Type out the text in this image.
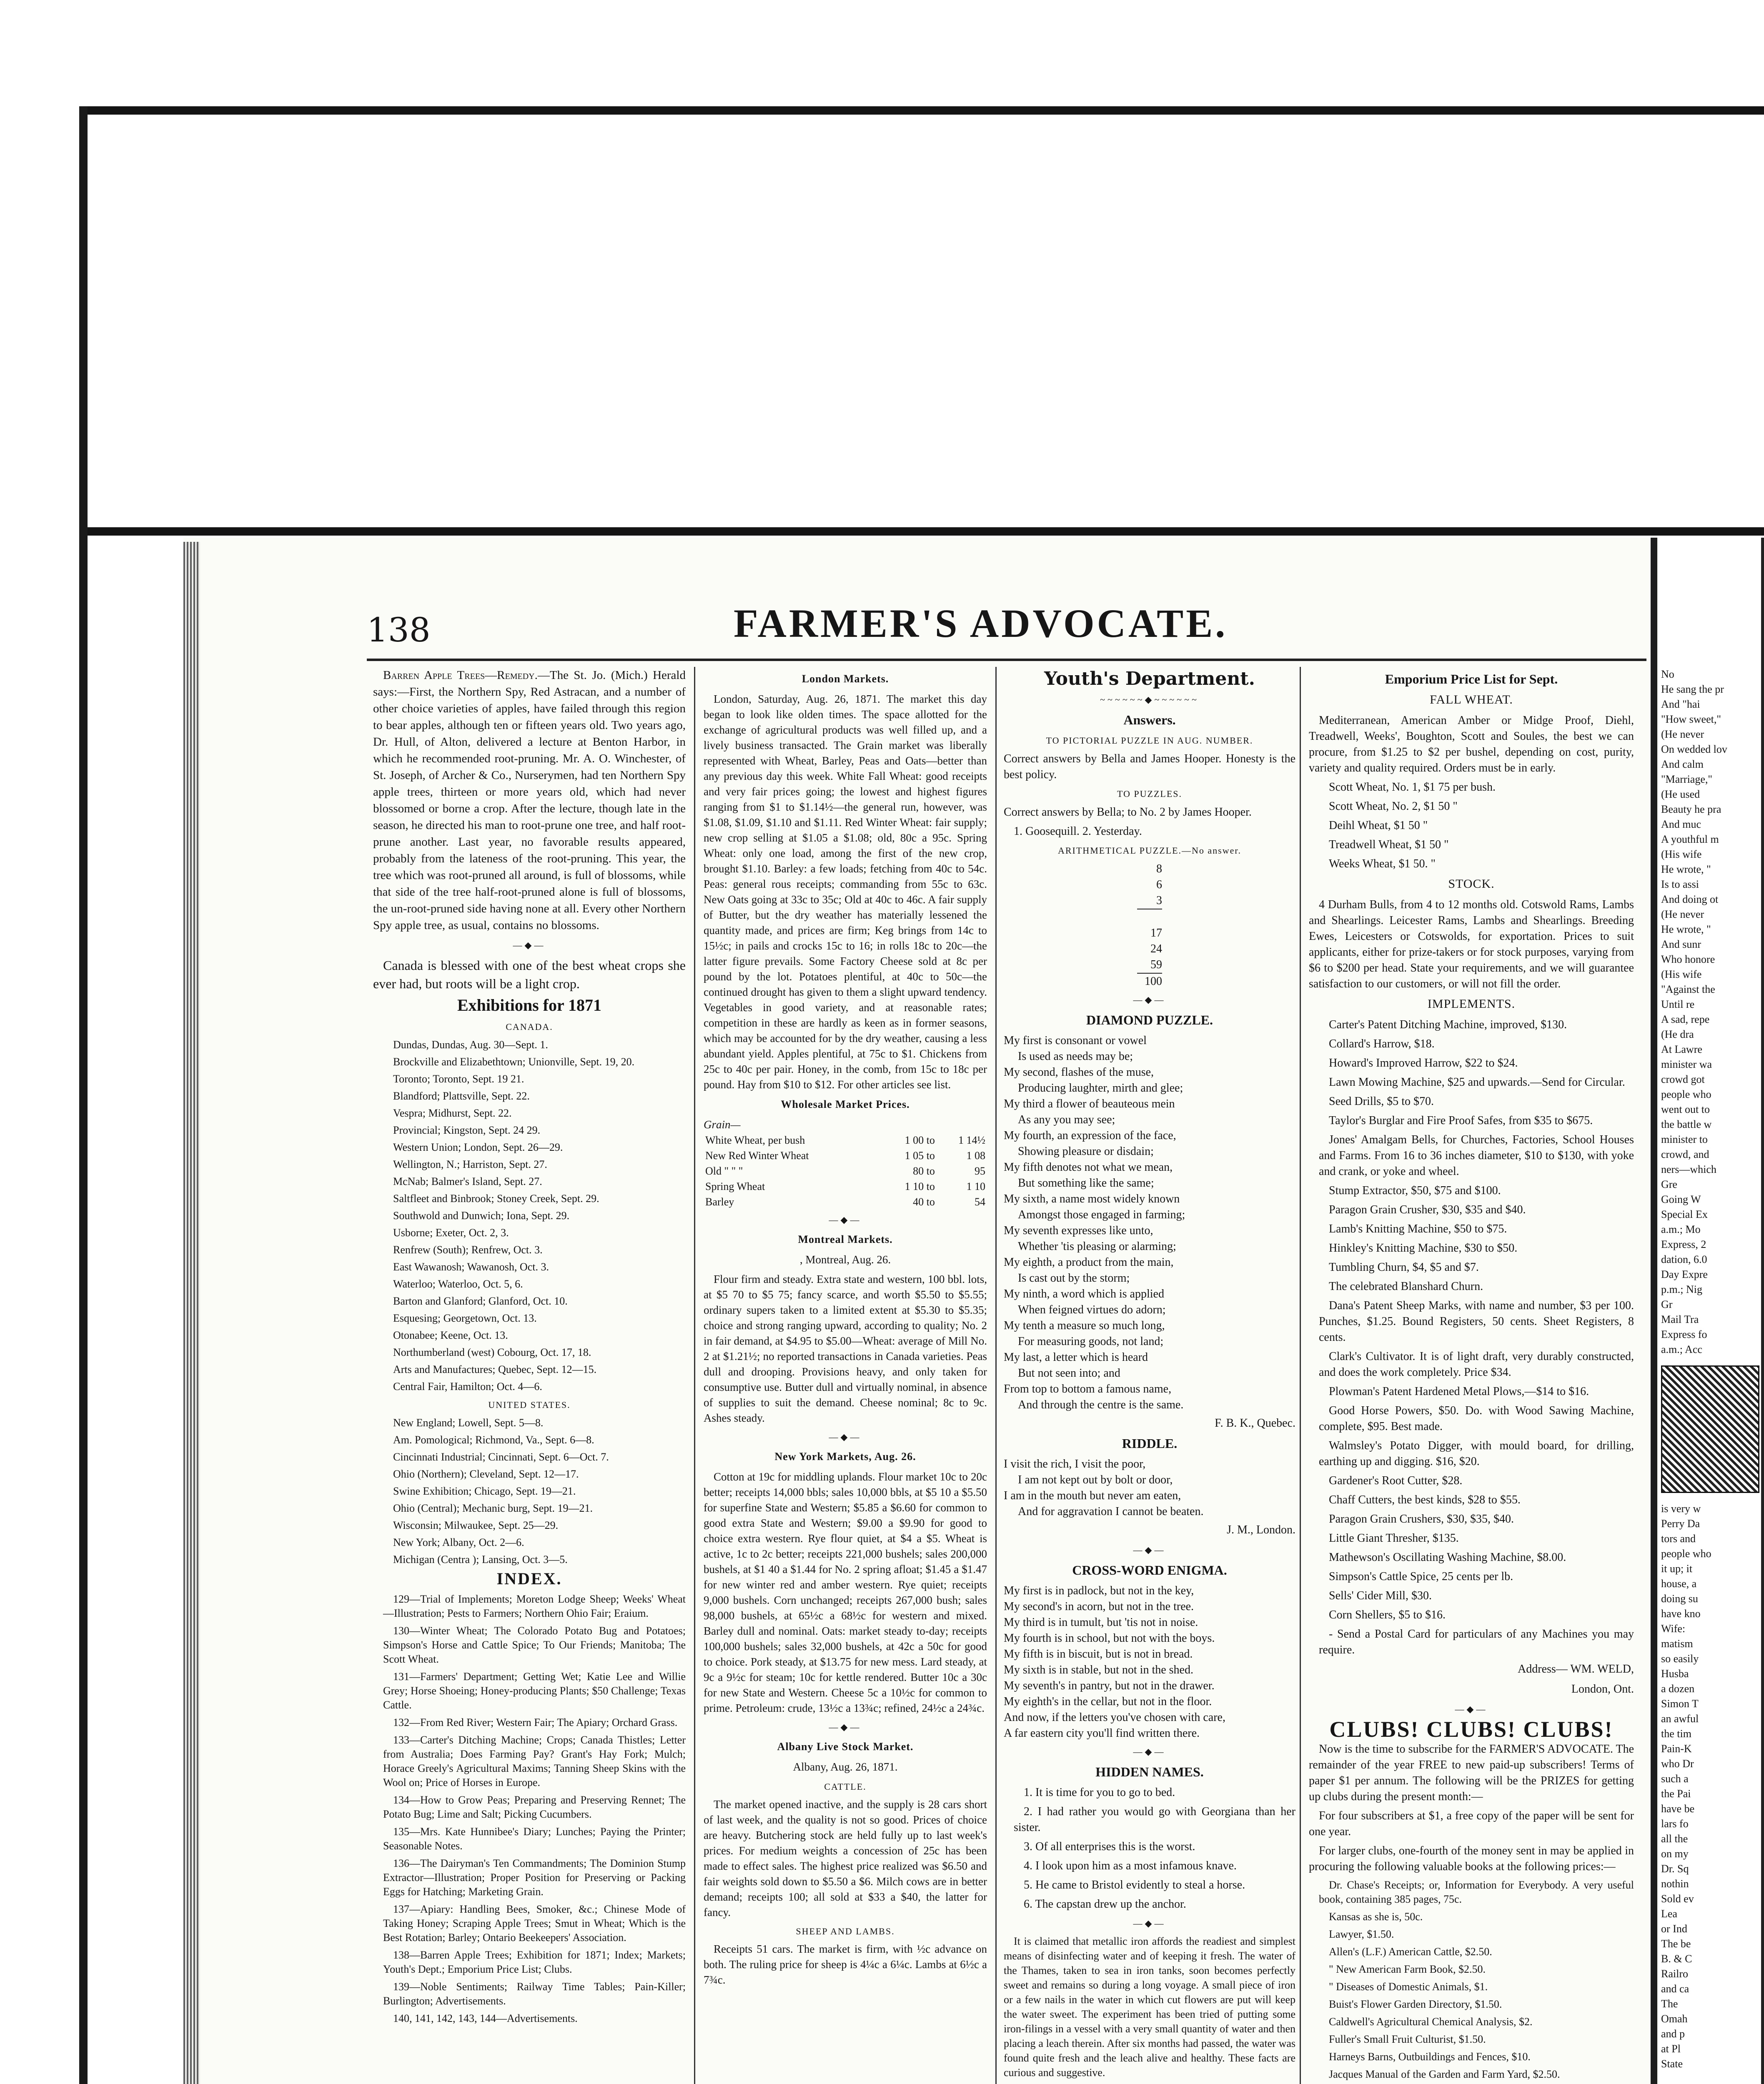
138	FARMER'S ADVOCATE.

Barren Apple Trees—Remedy.—The St. Jo. (Mich.) Herald says:—First, the Northern Spy, Red Astracan, and a number of other choice varieties of apples, have failed through this region to bear apples, although ten or fifteen years old. Two years ago, Dr. Hull, of Alton, delivered a lecture at Benton Harbor, in which he recommended root-pruning. Mr. A. O. Winchester, of St. Joseph, of Archer & Co., Nurserymen, had ten Northern Spy apple trees, thirteen or more years old, which had never blossomed or borne a crop. After the lecture, though late in the season, he directed his man to root-prune one tree, and half root-prune another. Last year, no favorable results appeared, probably from the lateness of the root-pruning. This year, the tree which was root-pruned all around, is full of blossoms, while that side of the tree half-root-pruned alone is full of blossoms, the un-root-pruned side having none at all. Every other Northern Spy apple tree, as usual, contains no blossoms.

—◆—

Canada is blessed with one of the best wheat crops she ever had, but roots will be a light crop.

Exhibitions for 1871
CANADA.

Dundas, Dundas, Aug. 30—Sept. 1.

Brockville and Elizabethtown; Unionville, Sept. 19, 20.

Toronto; Toronto, Sept. 19 21.

Blandford; Plattsville, Sept. 22.

Vespra; Midhurst, Sept. 22.

Provincial; Kingston, Sept. 24 29.

Western Union; London, Sept. 26—29.

Wellington, N.; Harriston, Sept. 27.

McNab; Balmer's Island, Sept. 27.

Saltfleet and Binbrook; Stoney Creek, Sept. 29.

Southwold and Dunwich; Iona, Sept. 29.

Usborne; Exeter, Oct. 2, 3.

Renfrew (South); Renfrew, Oct. 3.

East Wawanosh; Wawanosh, Oct. 3.

Waterloo; Waterloo, Oct. 5, 6.

Barton and Glanford; Glanford, Oct. 10.

Esquesing; Georgetown, Oct. 13.

Otonabee; Keene, Oct. 13.

Northumberland (west) Cobourg, Oct. 17, 18.

Arts and Manufactures; Quebec, Sept. 12—15.

Central Fair, Hamilton; Oct. 4—6.

UNITED STATES.

New England; Lowell, Sept. 5—8.

Am. Pomological; Richmond, Va., Sept. 6—8.

Cincinnati Industrial; Cincinnati, Sept. 6—Oct. 7.

Ohio (Northern); Cleveland, Sept. 12—17.

Swine Exhibition; Chicago, Sept. 19—21.

Ohio (Central); Mechanic burg, Sept. 19—21.

Wisconsin; Milwaukee, Sept. 25—29.

New York; Albany, Oct. 2—6.

Michigan (Centra ); Lansing, Oct. 3—5.

INDEX.

129—Trial of Implements; Moreton Lodge Sheep; Weeks' Wheat—Illustration; Pests to Farmers; Northern Ohio Fair; Eraium.

130—Winter Wheat; The Colorado Potato Bug and Potatoes; Simpson's Horse and Cattle Spice; To Our Friends; Manitoba; The Scott Wheat.

131—Farmers' Department; Getting Wet; Katie Lee and Willie Grey; Horse Shoeing; Honey-producing Plants; $50 Challenge; Texas Cattle.

132—From Red River; Western Fair; The Apiary; Orchard Grass.

133—Carter's Ditching Machine; Crops; Canada Thistles; Letter from Australia; Does Farming Pay? Grant's Hay Fork; Mulch; Horace Greely's Agricultural Maxims; Tanning Sheep Skins with the Wool on; Price of Horses in Europe.

134—How to Grow Peas; Preparing and Preserving Rennet; The Potato Bug; Lime and Salt; Picking Cucumbers.

135—Mrs. Kate Hunnibee's Diary; Lunches; Paying the Printer; Seasonable Notes.

136—The Dairyman's Ten Commandments; The Dominion Stump Extractor—Illustration; Proper Position for Preserving or Packing Eggs for Hatching; Marketing Grain.

137—Apiary: Handling Bees, Smoker, &c.; Chinese Mode of Taking Honey; Scraping Apple Trees; Smut in Wheat; Which is the Best Rotation; Barley; Ontario Beekeepers' Association.

138—Barren Apple Trees; Exhibition for 1871; Index; Markets; Youth's Dept.; Emporium Price List; Clubs.

139—Noble Sentiments; Railway Time Tables; Pain-Killer; Burlington; Advertisements.

140, 141, 142, 143, 144—Advertisements.

London Markets.

London, Saturday, Aug. 26, 1871. The market this day began to look like olden times. The space allotted for the exchange of agricultural products was well filled up, and a lively business transacted. The Grain market was liberally represented with Wheat, Barley, Peas and Oats—better than any previous day this week. White Fall Wheat: good receipts and very fair prices going; the lowest and highest figures ranging from $1 to $1.14½—the general run, however, was $1.08, $1.09, $1.10 and $1.11. Red Winter Wheat: fair supply; new crop selling at $1.05 a $1.08; old, 80c a 95c. Spring Wheat: only one load, among the first of the new crop, brought $1.10. Barley: a few loads; fetching from 40c to 54c. Peas: general rous receipts; commanding from 55c to 63c. New Oats going at 33c to 35c; Old at 40c to 46c. A fair supply of Butter, but the dry weather has materially lessened the quantity made, and prices are firm; Keg brings from 14c to 15½c; in pails and crocks 15c to 16; in rolls 18c to 20c—the latter figure prevails. Some Factory Cheese sold at 8c per pound by the lot. Potatoes plentiful, at 40c to 50c—the continued drought has given to them a slight upward tendency. Vegetables in good variety, and at reasonable rates; competition in these are hardly as keen as in former seasons, which may be accounted for by the dry weather, causing a less abundant yield. Apples plentiful, at 75c to $1. Chickens from 25c to 40c per pair. Honey, in the comb, from 15c to 18c per pound. Hay from $10 to $12. For other articles see list.

Wholesale Market Prices.
Grain—
White Wheat, per bush	1 00 to	1 14½
New Red Winter Wheat	1 05 to	1 08
Old " " "	80 to	95
Spring Wheat	1 10 to	1 10
Barley	40 to	54
—◆—
Montreal Markets.
, Montreal, Aug. 26.

Flour firm and steady. Extra state and western, 100 bbl. lots, at $5 70 to $5 75; fancy scarce, and worth $5.50 to $5.55; ordinary supers taken to a limited extent at $5.30 to $5.35; choice and strong ranging upward, according to quality; No. 2 in fair demand, at $4.95 to $5.00—Wheat: average of Mill No. 2 at $1.21½; no reported transactions in Canada varieties. Peas dull and drooping. Provisions heavy, and only taken for consumptive use. Butter dull and virtually nominal, in absence of supplies to suit the demand. Cheese nominal; 8c to 9c. Ashes steady.

—◆—
New York Markets, Aug. 26.

Cotton at 19c for middling uplands. Flour market 10c to 20c better; receipts 14,000 bbls; sales 10,000 bbls, at $5 10 a $5.50 for superfine State and Western; $5.85 a $6.60 for common to good extra State and Western; $9.00 a $9.90 for good to choice extra western. Rye flour quiet, at $4 a $5. Wheat is active, 1c to 2c better; receipts 221,000 bushels; sales 200,000 bushels, at $1 40 a $1.44 for No. 2 spring afloat; $1.45 a $1.47 for new winter red and amber western. Rye quiet; receipts 9,000 bushels. Corn unchanged; receipts 267,000 bush; sales 98,000 bushels, at 65½c a 68½c for western and mixed. Barley dull and nominal. Oats: market steady to-day; receipts 100,000 bushels; sales 32,000 bushels, at 42c a 50c for good to choice. Pork steady, at $13.75 for new mess. Lard steady, at 9c a 9½c for steam; 10c for kettle rendered. Butter 10c a 30c for new State and Western. Cheese 5c a 10½c for common to prime. Petroleum: crude, 13½c a 13¾c; refined, 24½c a 24¾c.

—◆—
Albany Live Stock Market.
Albany, Aug. 26, 1871.
CATTLE.

The market opened inactive, and the supply is 28 cars short of last week, and the quality is not so good. Prices of choice are heavy. Butchering stock are held fully up to last week's prices. For medium weights a concession of 25c has been made to effect sales. The highest price realized was $6.50 and fair weights sold down to $5.50 a $6. Milch cows are in better demand; receipts 100; all sold at $33 a $40, the latter for fancy.

SHEEP AND LAMBS.

Receipts 51 cars. The market is firm, with ½c advance on both. The ruling price for sheep is 4¼c a 6¼c. Lambs at 6½c a 7¾c.

Youth's Department.
~~~~~~◆~~~~~~
Answers.
TO PICTORIAL PUZZLE IN AUG. NUMBER.

Correct answers by Bella and James Hooper. Honesty is the best policy.

TO PUZZLES.

Correct answers by Bella; to No. 2 by James Hooper.

1. Goosequill. 2. Yesterday.

ARITHMETICAL PUZZLE.—No answer.

8

6

3

17

24

59

100

—◆—
DIAMOND PUZZLE.

My first is consonant or vowel

Is used as needs may be;

My second, flashes of the muse,

Producing laughter, mirth and glee;

My third a flower of beauteous mein

As any you may see;

My fourth, an expression of the face,

Showing pleasure or disdain;

My fifth denotes not what we mean,

But something like the same;

My sixth, a name most widely known

Amongst those engaged in farming;

My seventh expresses like unto,

Whether 'tis pleasing or alarming;

My eighth, a product from the main,

Is cast out by the storm;

My ninth, a word which is applied

When feigned virtues do adorn;

My tenth a measure so much long,

For measuring goods, not land;

My last, a letter which is heard

But not seen into; and

From top to bottom a famous name,

And through the centre is the same.

F. B. K., Quebec.
RIDDLE.

I visit the rich, I visit the poor,

I am not kept out by bolt or door,

I am in the mouth but never am eaten,

And for aggravation I cannot be beaten.

J. M., London.
—◆—
CROSS-WORD ENIGMA.

My first is in padlock, but not in the key,

My second's in acorn, but not in the tree.

My third is in tumult, but 'tis not in noise.

My fourth is in school, but not with the boys.

My fifth is in biscuit, but is not in bread.

My sixth is in stable, but not in the shed.

My seventh's in pantry, but not in the drawer.

My eighth's in the cellar, but not in the floor.

And now, if the letters you've chosen with care,

A far eastern city you'll find written there.

—◆—
HIDDEN NAMES.

1. It is time for you to go to bed.

2. I had rather you would go with Georgiana than her sister.

3. Of all enterprises this is the worst.

4. I look upon him as a most infamous knave.

5. He came to Bristol evidently to steal a horse.

6. The capstan drew up the anchor.

—◆—

It is claimed that metallic iron affords the readiest and simplest means of disinfecting water and of keeping it fresh. The water of the Thames, taken to sea in iron tanks, soon becomes perfectly sweet and remains so during a long voyage. A small piece of iron or a few nails in the water in which cut flowers are put will keep the water sweet. The experiment has been tried of putting some iron-filings in a vessel with a very small quantity of water and then placing a leach therein. After six months had passed, the water was found quite fresh and the leach alive and healthy. These facts are curious and suggestive.

Emporium Price List for Sept.
FALL WHEAT.

Mediterranean, American Amber or Midge Proof, Diehl, Treadwell, Weeks', Boughton, Scott and Soules, the best we can procure, from $1.25 to $2 per bushel, depending on cost, purity, variety and quality required. Orders must be in early.

Scott Wheat, No. 1, $1 75 per bush.

Scott Wheat, No. 2, $1 50 "

Deihl Wheat, $1 50 "

Treadwell Wheat, $1 50 "

Weeks Wheat, $1 50. "

STOCK.

4 Durham Bulls, from 4 to 12 months old. Cotswold Rams, Lambs and Shearlings. Leicester Rams, Lambs and Shearlings. Breeding Ewes, Leicesters or Cotswolds, for exportation. Prices to suit applicants, either for prize-takers or for stock purposes, varying from $6 to $200 per head. State your requirements, and we will guarantee satisfaction to our customers, or will not fill the order.

IMPLEMENTS.

Carter's Patent Ditching Machine, improved, $130.

Collard's Harrow, $18.

Howard's Improved Harrow, $22 to $24.

Lawn Mowing Machine, $25 and upwards.—Send for Circular.

Seed Drills, $5 to $70.

Taylor's Burglar and Fire Proof Safes, from $35 to $675.

Jones' Amalgam Bells, for Churches, Factories, School Houses and Farms. From 16 to 36 inches diameter, $10 to $130, with yoke and crank, or yoke and wheel.

Stump Extractor, $50, $75 and $100.

Paragon Grain Crusher, $30, $35 and $40.

Lamb's Knitting Machine, $50 to $75.

Hinkley's Knitting Machine, $30 to $50.

Tumbling Churn, $4, $5 and $7.

The celebrated Blanshard Churn.

Dana's Patent Sheep Marks, with name and number, $3 per 100. Punches, $1.25. Bound Registers, 50 cents. Sheet Registers, 8 cents.

Clark's Cultivator. It is of light draft, very durably constructed, and does the work completely. Price $34.

Plowman's Patent Hardened Metal Plows,—$14 to $16.

Good Horse Powers, $50. Do. with Wood Sawing Machine, complete, $95. Best made.

Walmsley's Potato Digger, with mould board, for drilling, earthing up and digging. $16, $20.

Gardener's Root Cutter, $28.

Chaff Cutters, the best kinds, $28 to $55.

Paragon Grain Crushers, $30, $35, $40.

Little Giant Thresher, $135.

Mathewson's Oscillating Washing Machine, $8.00.

Simpson's Cattle Spice, 25 cents per lb.

Sells' Cider Mill, $30.

Corn Shellers, $5 to $16.

- Send a Postal Card for particulars of any Machines you may require.

Address— WM. WELD,
London, Ont.
—◆—
CLUBS! CLUBS! CLUBS!

Now is the time to subscribe for the FARMER'S ADVOCATE. The remainder of the year FREE to new paid-up subscribers! Terms of paper $1 per annum. The following will be the PRIZES for getting up clubs during the present month:—

For four subscribers at $1, a free copy of the paper will be sent for one year.

For larger clubs, one-fourth of the money sent in may be applied in procuring the following valuable books at the following prices:—

Dr. Chase's Receipts; or, Information for Everybody. A very useful book, containing 385 pages, 75c.

Kansas as she is, 50c.

Lawyer, $1.50.

Allen's (L.F.) American Cattle, $2.50.

" New American Farm Book, $2.50.

" Diseases of Domestic Animals, $1.

Buist's Flower Garden Directory, $1.50.

Caldwell's Agricultural Chemical Analysis, $2.

Fuller's Small Fruit Culturist, $1.50.

Harneys Barns, Outbuildings and Fences, $10.

Jacques Manual of the Garden and Farm Yard, $2.50.

No

He sang the pr

And "hai

"How sweet,"

(He never

On wedded lov

And calm

"Marriage,"

(He used

Beauty he pra

And muc

A youthful m

(His wife

He wrote, "

Is to assi

And doing ot

(He never

He wrote, "

And sunr

Who honore

(His wife

"Against the

Until re

A sad, repe

(He dra

At Lawre

minister wa

crowd got

people who

went out to

the battle w

minister to

crowd, and

ners—which

Gre

Going W

Special Ex

a.m.; Mo

Express, 2

dation, 6.0

Day Expre

p.m.; Nig

Gr

Mail Tra

Express fo

a.m.; Acc

is very w

Perry Da

tors and

people who

it up; it

house, a

doing su

have kno

Wife:

matism

so easily

Husba

a dozen

Simon T

an awful

the tim

Pain-K

who Dr

such a

the Pai

have be

lars fo

all the

on my

Dr. Sq

nothin

Sold ev

Lea

or Ind

The be

B. & C

Railro

and ca

The

Omah

and p

at Pl

State
